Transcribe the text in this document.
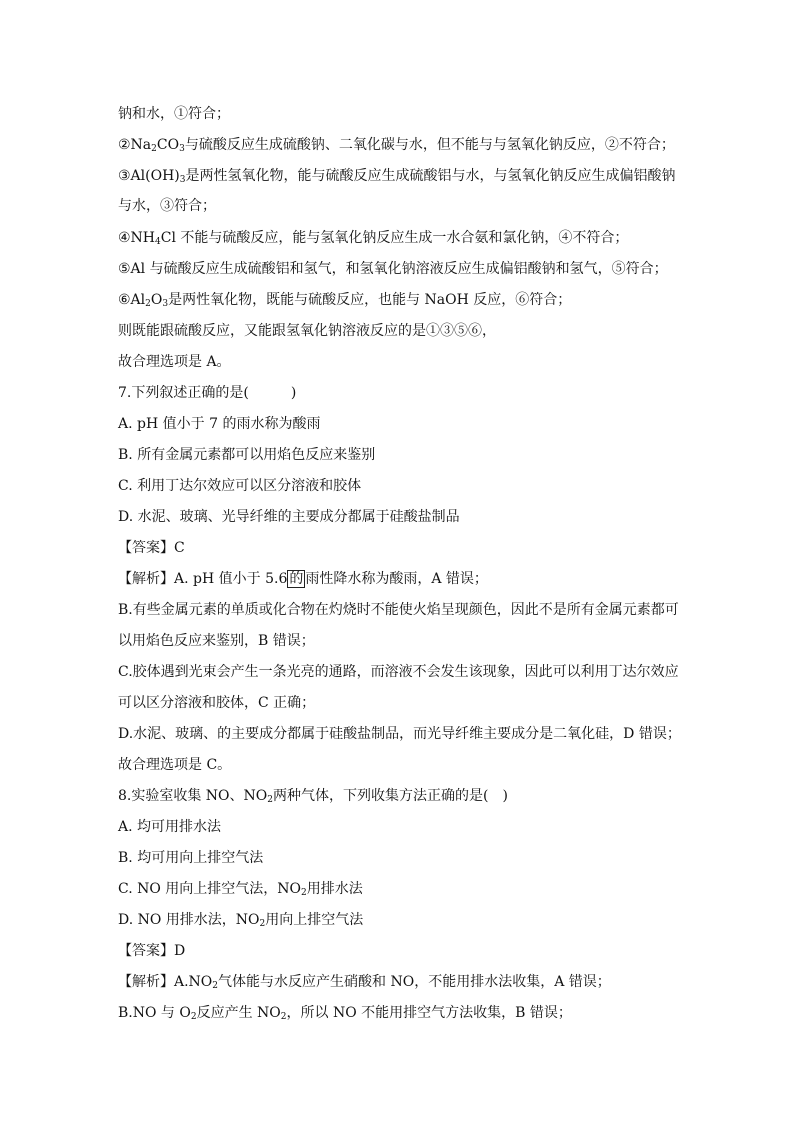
钠和水，①符合；
$②Na_2CO_3$与硫酸反应生成硫酸钠、二氧化碳与水，但不能与与氢氧化钠反应，②不符合；
$③Al(OH)_3$是两性氢氧化物，能与硫酸反应生成硫酸铝与水，与氢氧化钠反应生成偏铝酸钠
与水，③符合；
$④NH_4Cl$ 不能与硫酸反应，能与氢氧化钠反应生成一水合氨和氯化钠，④不符合；
⑤Al 与硫酸反应生成硫酸铝和氢气，和氢氧化钠溶液反应生成偏铝酸钠和氢气，⑤符合；
$⑥Al_2O_3$是两性氧化物，既能与硫酸反应，也能与 NaOH 反应，⑥符合；
则既能跟硫酸反应，又能跟氢氧化钠溶液反应的是①③⑤⑥，
故合理选项是 A。
7.下列叙述正确的是(　　　)
A. pH 值小于 7 的雨水称为酸雨
B. 所有金属元素都可以用焰色反应来鉴别
C. 利用丁达尔效应可以区分溶液和胶体
D. 水泥、玻璃、光导纤维的主要成分都属于硅酸盐制品
【答案】C
【解析】A. pH 值小于 5.6 的 雨性降水称为酸雨，A 错误；
B.有些金属元素的单质或化合物在灼烧时不能使火焰呈现颜色，因此不是所有金属元素都可
以用焰色反应来鉴别，B 错误；
C.胶体遇到光束会产生一条光亮的通路，而溶液不会发生该现象，因此可以利用丁达尔效应
可以区分溶液和胶体，C 正确；
D.水泥、玻璃、的主要成分都属于硅酸盐制品，而光导纤维主要成分是二氧化硅，D 错误；
故合理选项是 C。
8.实验室收集 NO、$NO_2$两种气体，下列收集方法正确的是(　)
A. 均可用排水法
B. 均可用向上排空气法
C. NO 用向上排空气法，$NO_2$用排水法
D. NO 用排水法，$NO_2$用向上排空气法
【答案】D
【解析】$A.NO_2$气体能与水反应产生硝酸和 NO，不能用排水法收集，A 错误；
B.NO 与 $O_2$反应产生 $NO_2$，所以 NO 不能用排空气方法收集，B 错误；
